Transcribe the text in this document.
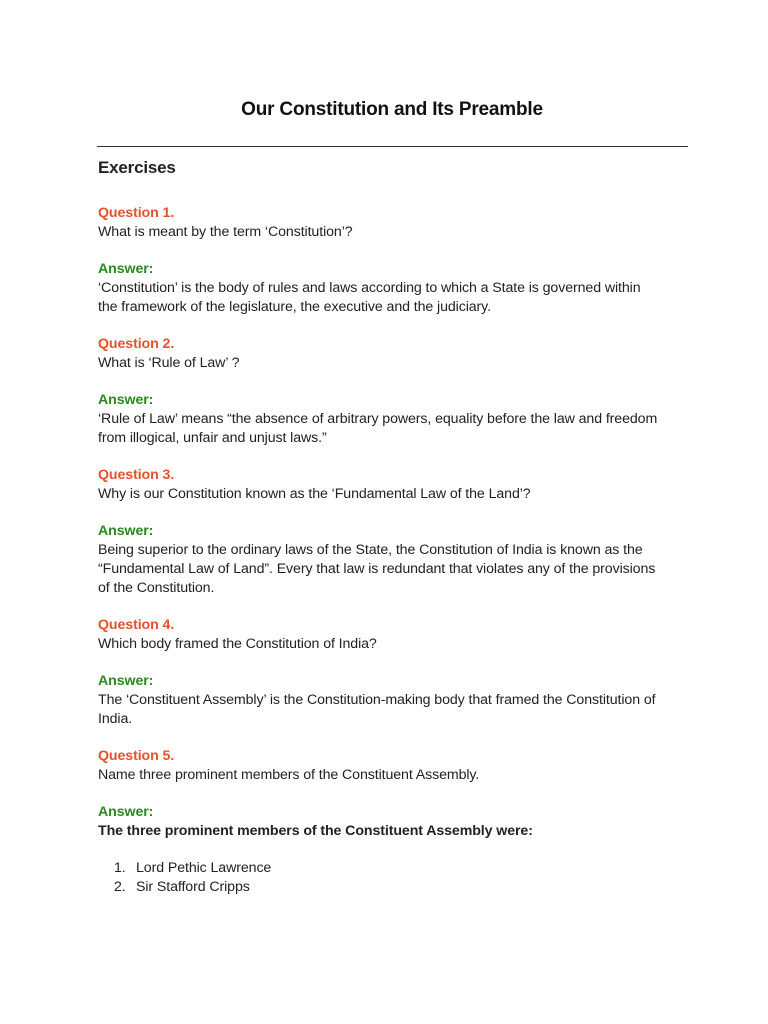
Our Constitution and Its Preamble
Exercises
Question 1.
What is meant by the term ‘Constitution’?
Answer:
‘Constitution’ is the body of rules and laws according to which a State is governed within the framework of the legislature, the executive and the judiciary.
Question 2.
What is ‘Rule of Law’ ?
Answer:
‘Rule of Law’ means “the absence of arbitrary powers, equality before the law and freedom from illogical, unfair and unjust laws.”
Question 3.
Why is our Constitution known as the ‘Fundamental Law of the Land’?
Answer:
Being superior to the ordinary laws of the State, the Constitution of India is known as the “Fundamental Law of Land”. Every that law is redundant that violates any of the provisions of the Constitution.
Question 4.
Which body framed the Constitution of India?
Answer:
The ‘Constituent Assembly’ is the Constitution-making body that framed the Constitution of India.
Question 5.
Name three prominent members of the Constituent Assembly.
Answer:
The three prominent members of the Constituent Assembly were:
1. Lord Pethic Lawrence
2. Sir Stafford Cripps
